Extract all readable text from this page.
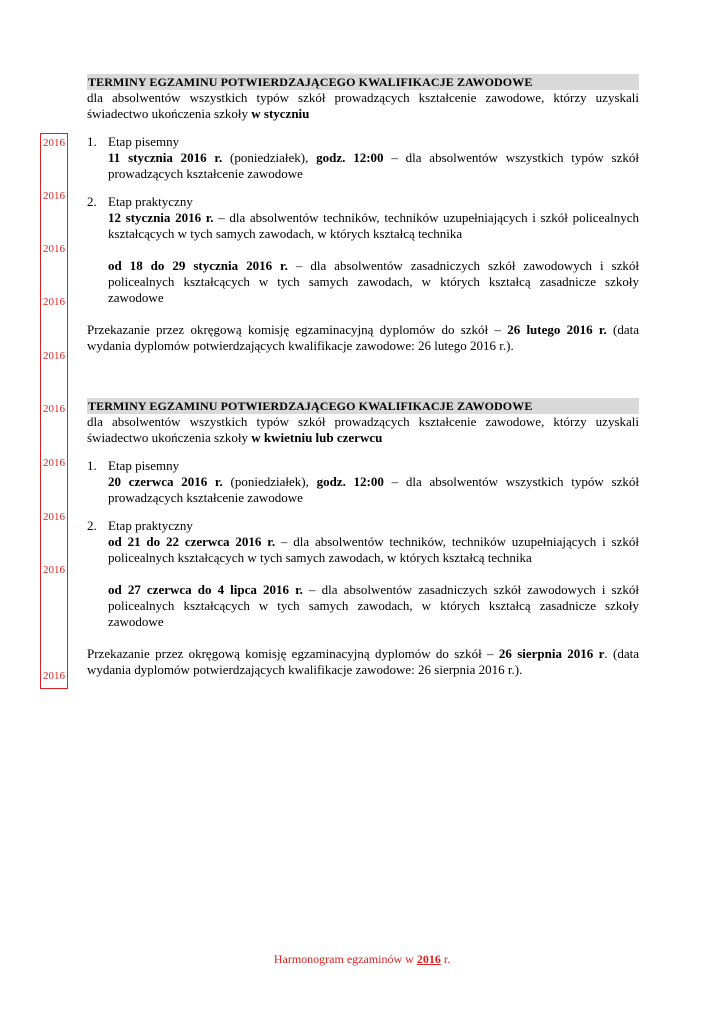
2016
2016
2016
2016
2016
2016
2016
2016
2016
2016
TERMINY EGZAMINU POTWIERDZAJĄCEGO KWALIFIKACJE ZAWODOWE
dla absolwentów wszystkich typów szkół prowadzących kształcenie zawodowe, którzy uzyskali świadectwo ukończenia szkoły w styczniu
1. Etap pisemny
11 stycznia 2016 r. (poniedziałek), godz. 12:00 – dla absolwentów wszystkich typów szkół prowadzących kształcenie zawodowe
2. Etap praktyczny
12 stycznia 2016 r. – dla absolwentów techników, techników uzupełniających i szkół policealnych kształcących w tych samych zawodach, w których kształcą technika
od 18 do 29 stycznia 2016 r. – dla absolwentów zasadniczych szkół zawodowych i szkół policealnych kształcących w tych samych zawodach, w których kształcą zasadnicze szkoły zawodowe
Przekazanie przez okręgową komisję egzaminacyjną dyplomów do szkół – 26 lutego 2016 r. (data wydania dyplomów potwierdzających kwalifikacje zawodowe: 26 lutego 2016 r.).
TERMINY EGZAMINU POTWIERDZAJĄCEGO KWALIFIKACJE ZAWODOWE
dla absolwentów wszystkich typów szkół prowadzących kształcenie zawodowe, którzy uzyskali świadectwo ukończenia szkoły w kwietniu lub czerwcu
1. Etap pisemny
20 czerwca 2016 r. (poniedziałek), godz. 12:00 – dla absolwentów wszystkich typów szkół prowadzących kształcenie zawodowe
2. Etap praktyczny
od 21 do 22 czerwca 2016 r. – dla absolwentów techników, techników uzupełniających i szkół policealnych kształcących w tych samych zawodach, w których kształcą technika
od 27 czerwca do 4 lipca 2016 r. – dla absolwentów zasadniczych szkół zawodowych i szkół policealnych kształcących w tych samych zawodach, w których kształcą zasadnicze szkoły zawodowe
Przekazanie przez okręgową komisję egzaminacyjną dyplomów do szkół – 26 sierpnia 2016 r. (data wydania dyplomów potwierdzających kwalifikacje zawodowe: 26 sierpnia 2016 r.).
Harmonogram egzaminów w 2016 r.
